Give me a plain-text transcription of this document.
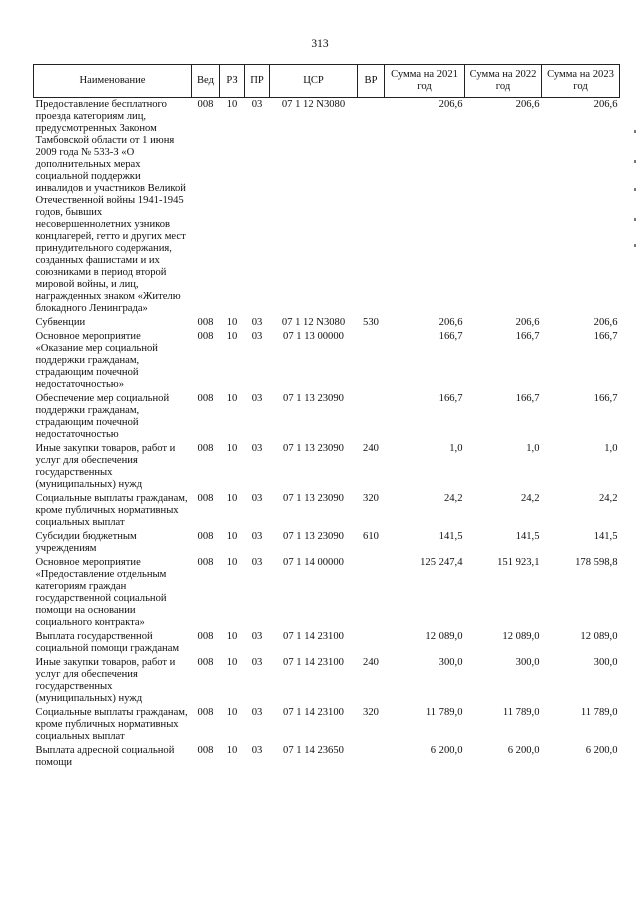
313
Наименование	Вед	РЗ	ПР	ЦСР	ВР	Сумма на 2021 год	Сумма на 2022 год	Сумма на 2023 год
Предоставление бесплатного проезда категориям лиц, предусмотренных Законом Тамбовской области от 1 июня 2009 года № 533-З «О дополнительных мерах социальной поддержки инвалидов и участников Великой Отечественной войны 1941-1945 годов, бывших несовершеннолетних узников концлагерей, гетто и других мест принудительного содержания, созданных фашистами и их союзниками в период второй мировой войны, и лиц, награжденных знаком «Жителю блокадного Ленинграда»	008	10	03	07 1 12 N3080		206,6	206,6	206,6
Субвенции	008	10	03	07 1 12 N3080	530	206,6	206,6	206,6
Основное мероприятие «Оказание мер социальной поддержки гражданам, страдающим почечной недостаточностью»	008	10	03	07 1 13 00000		166,7	166,7	166,7
Обеспечение мер социальной поддержки гражданам, страдающим почечной недостаточностью	008	10	03	07 1 13 23090		166,7	166,7	166,7
Иные закупки товаров, работ и услуг для обеспечения государственных (муниципальных) нужд	008	10	03	07 1 13 23090	240	1,0	1,0	1,0
Социальные выплаты гражданам, кроме публичных нормативных социальных выплат	008	10	03	07 1 13 23090	320	24,2	24,2	24,2
Субсидии бюджетным учреждениям	008	10	03	07 1 13 23090	610	141,5	141,5	141,5
Основное мероприятие «Предоставление отдельным категориям граждан государственной социальной помощи на основании социального контракта»	008	10	03	07 1 14 00000		125 247,4	151 923,1	178 598,8
Выплата государственной социальной помощи гражданам	008	10	03	07 1 14 23100		12 089,0	12 089,0	12 089,0
Иные закупки товаров, работ и услуг для обеспечения государственных (муниципальных) нужд	008	10	03	07 1 14 23100	240	300,0	300,0	300,0
Социальные выплаты гражданам, кроме публичных нормативных социальных выплат	008	10	03	07 1 14 23100	320	11 789,0	11 789,0	11 789,0
Выплата адресной социальной помощи	008	10	03	07 1 14 23650		6 200,0	6 200,0	6 200,0
